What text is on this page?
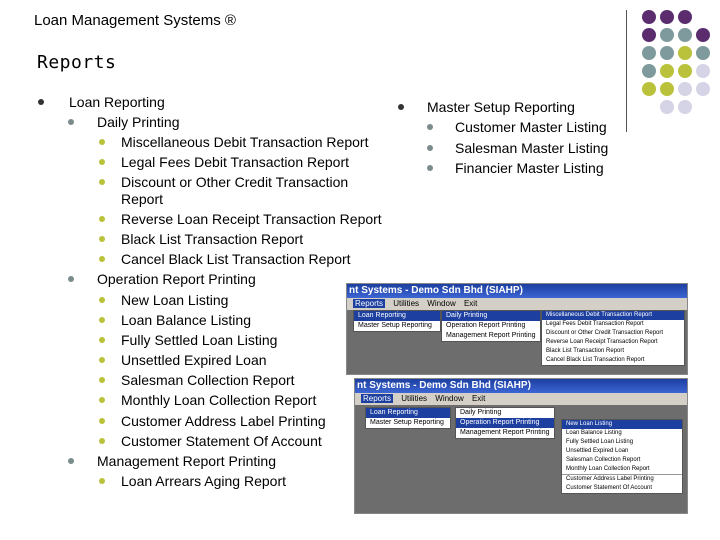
Loan Management Systems ®
Reports
Loan Reporting
Daily Printing
Miscellaneous Debit Transaction Report
Legal Fees Debit Transaction Report
Discount or Other Credit Transaction
Report
Reverse Loan Receipt Transaction Report
Black List Transaction Report
Cancel Black List Transaction Report
Operation Report Printing
New Loan Listing
Loan Balance Listing
Fully Settled Loan Listing
Unsettled Expired Loan
Salesman Collection Report
Monthly Loan Collection Report
Customer Address Label Printing
Customer Statement Of Account
Management Report Printing
Loan Arrears Aging Report
Master Setup Reporting
Customer Master Listing
Salesman Master Listing
Financier Master Listing
nt Systems - Demo Sdn Bhd (SIAHP)
Reports Utilities Window Exit
Loan Reporting
Master Setup Reporting
Daily Printing
Operation Report Printing
Management Report Printing
Miscellaneous Debit Transaction Report
Legal Fees Debit Transaction Report
Discount or Other Credit Transaction Report
Reverse Loan Receipt Transaction Report
Black List Transaction Report
Cancel Black List Transaction Report
nt Systems - Demo Sdn Bhd (SIAHP)
Reports Utilities Window Exit
Loan Reporting
Master Setup Reporting
Daily Printing
Operation Report Printing
Management Report Printing
New Loan Listing
Loan Balance Listing
Fully Settled Loan Listing
Unsettled Expired Loan
Salesman Collection Report
Monthly Loan Collection Report
Customer Address Label Printing
Customer Statement Of Account
